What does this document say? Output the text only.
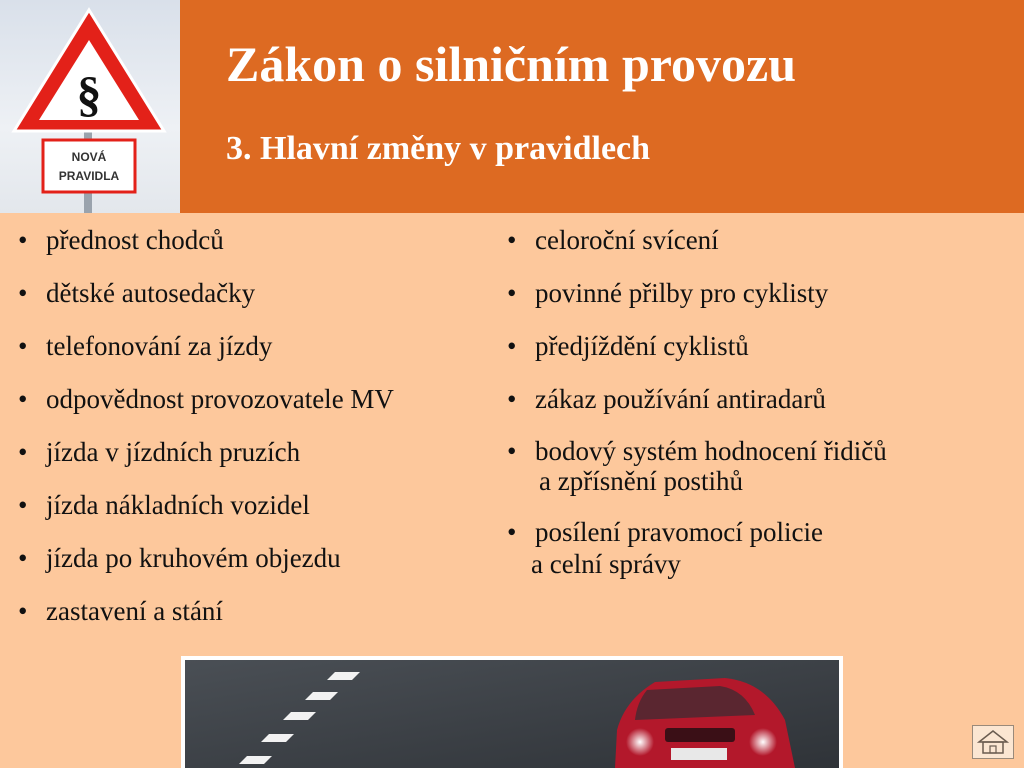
§
NOVÁ
PRAVIDLA
Zákon o silničním provozu
3. Hlavní změny v pravidlech
• přednost chodců
• dětské autosedačky
• telefonování za jízdy
• odpovědnost provozovatele MV
• jízda v jízdních pruzích
• jízda nákladních vozidel
• jízda po kruhovém objezdu
• zastavení a stání
• celoroční svícení
• povinné přilby pro cyklisty
• předjíždění cyklistů
• zákaz používání antiradarů
• bodový systém hodnocení řidičů
a zpřísnění postihů
• posílení pravomocí policie
a celní správy
